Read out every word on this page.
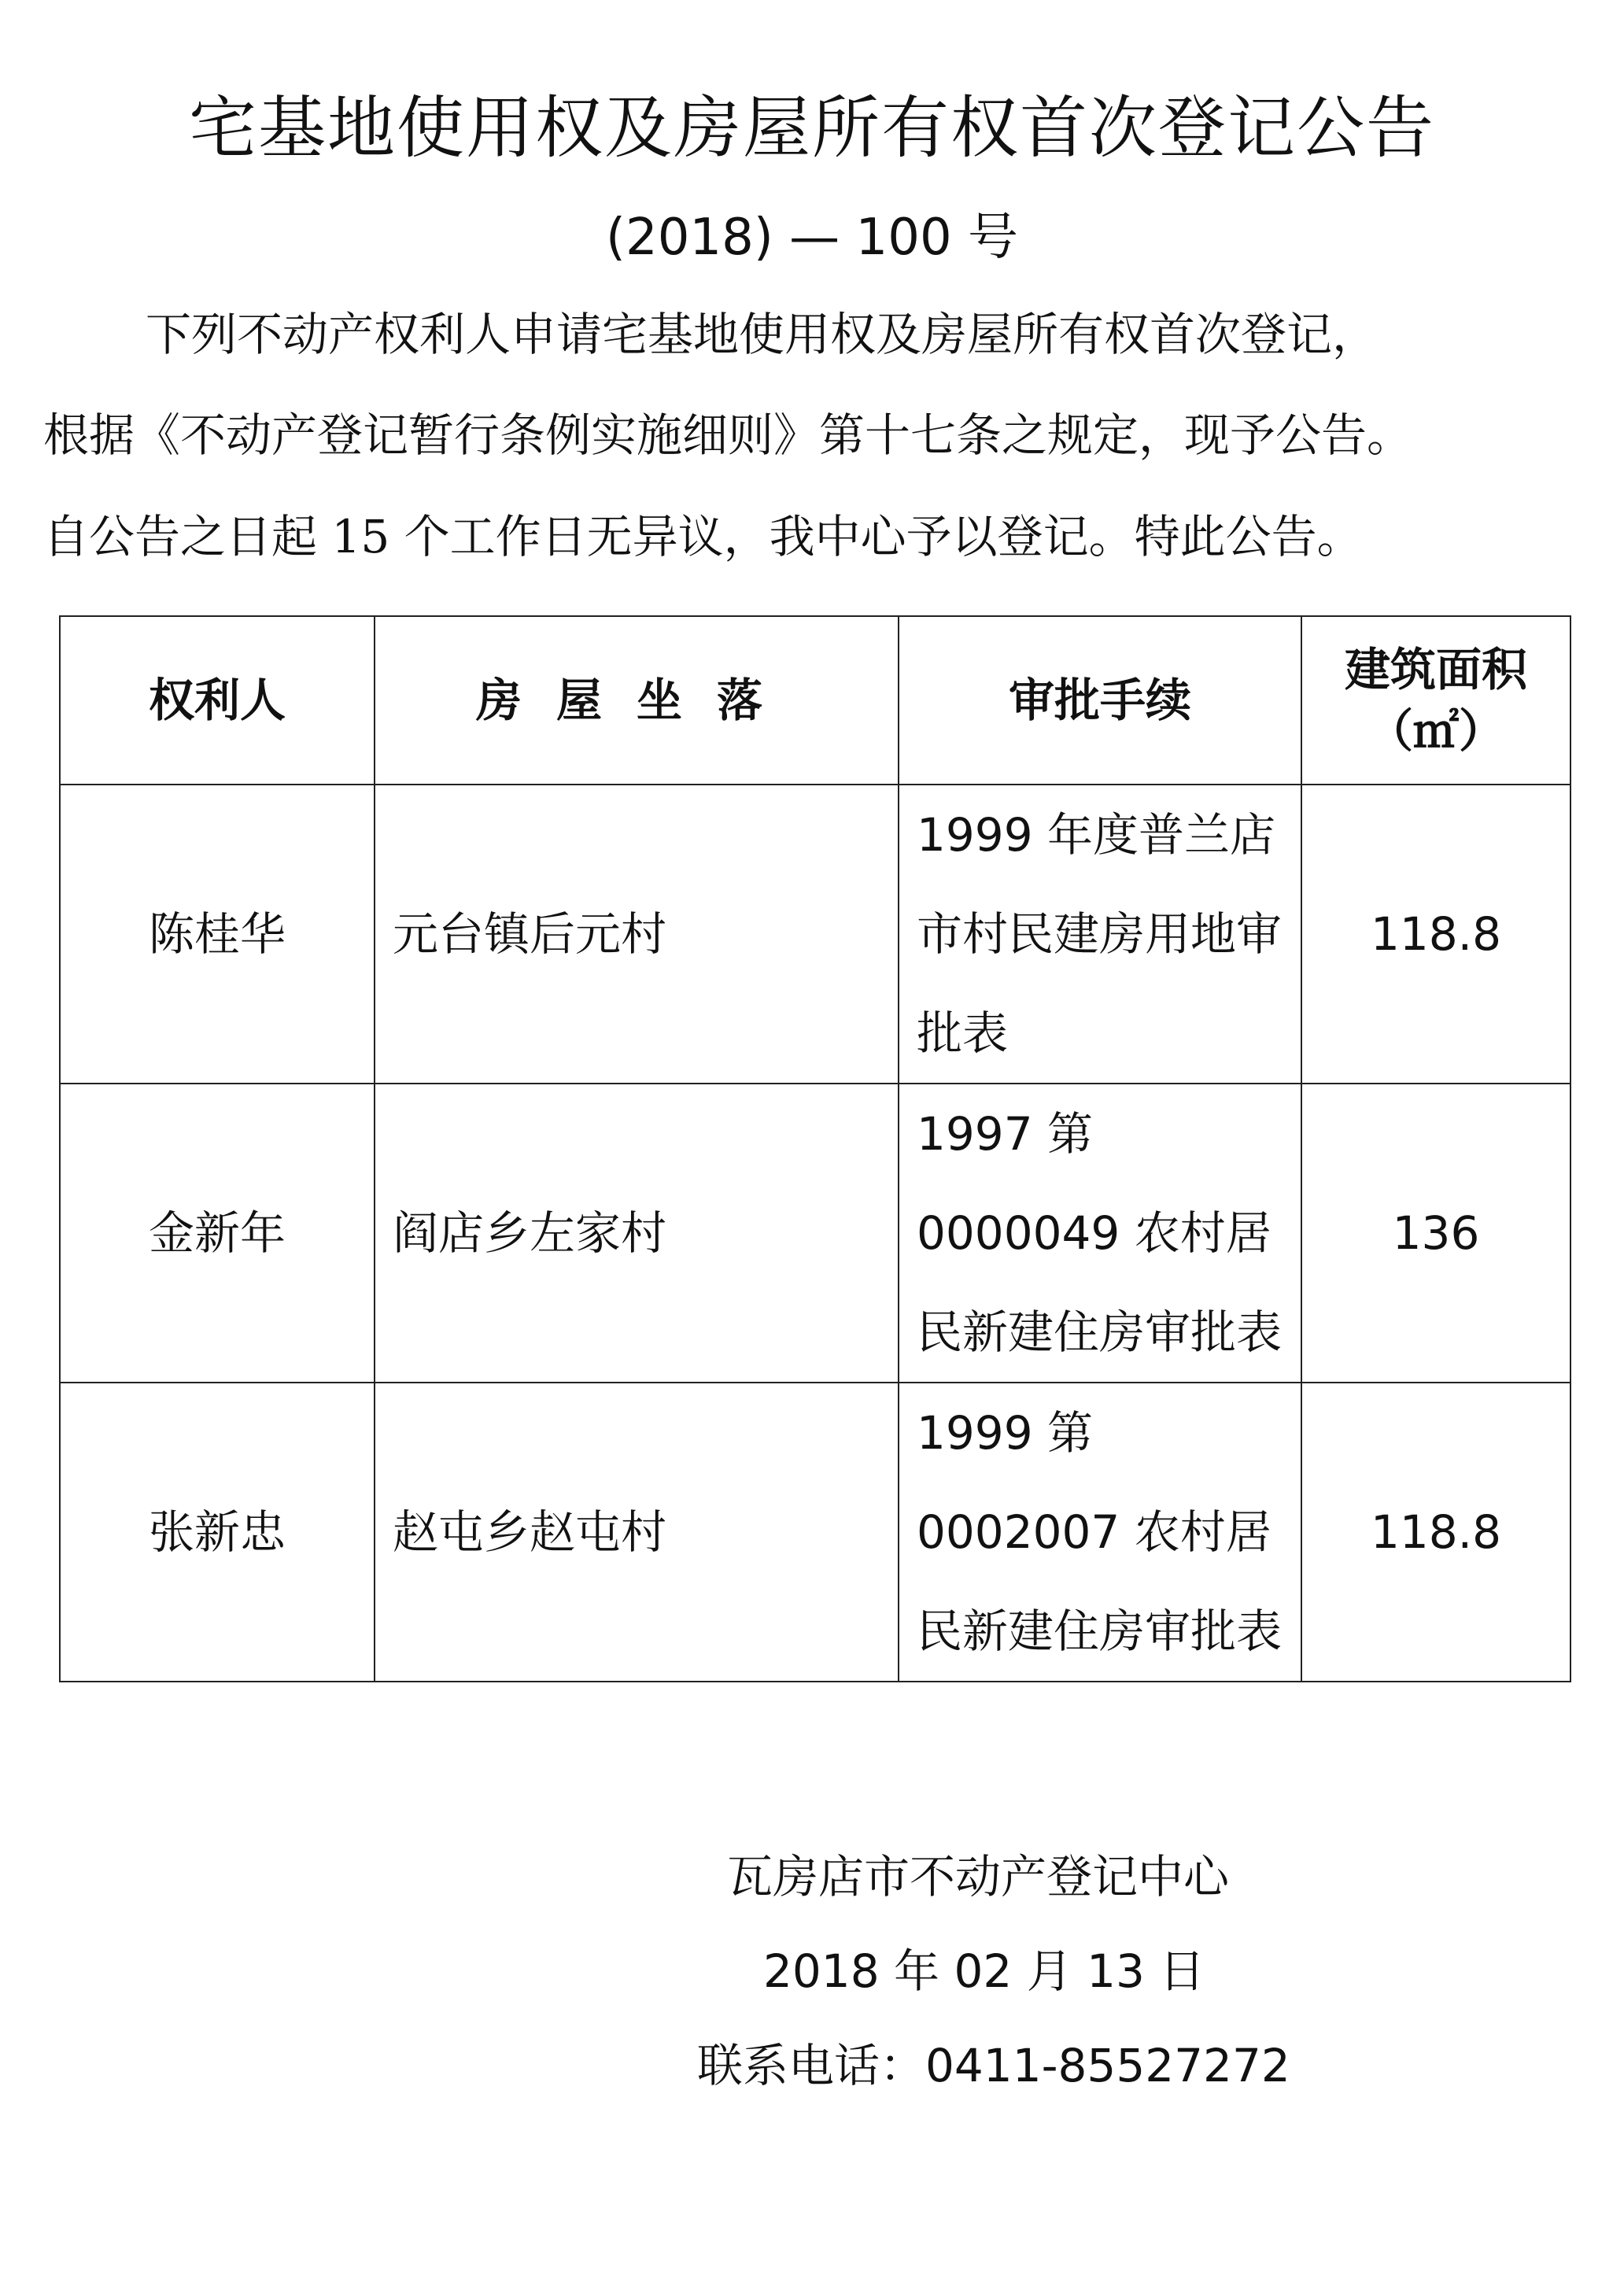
宅基地使用权及房屋所有权首次登记公告
(2018) — 100 号
下列不动产权利人申请宅基地使用权及房屋所有权首次登记，
根据《不动产登记暂行条例实施细则》第十七条之规定，现予公告。
自公告之日起 15 个工作日无异议，我中心予以登记。特此公告。
权利人	房屋坐落	审批手续	建筑面积
（㎡）

陈桂华	元台镇后元村	1999 年度普兰店市村民建房用地审批表	118.8
金新年	阎店乡左家村	1997 第 0000049 农村居民新建住房审批表	136
张新忠	赵屯乡赵屯村	1999 第 0002007 农村居民新建住房审批表	118.8
瓦房店市不动产登记中心
2018 年 02 月 13 日
联系电话：0411-85527272
